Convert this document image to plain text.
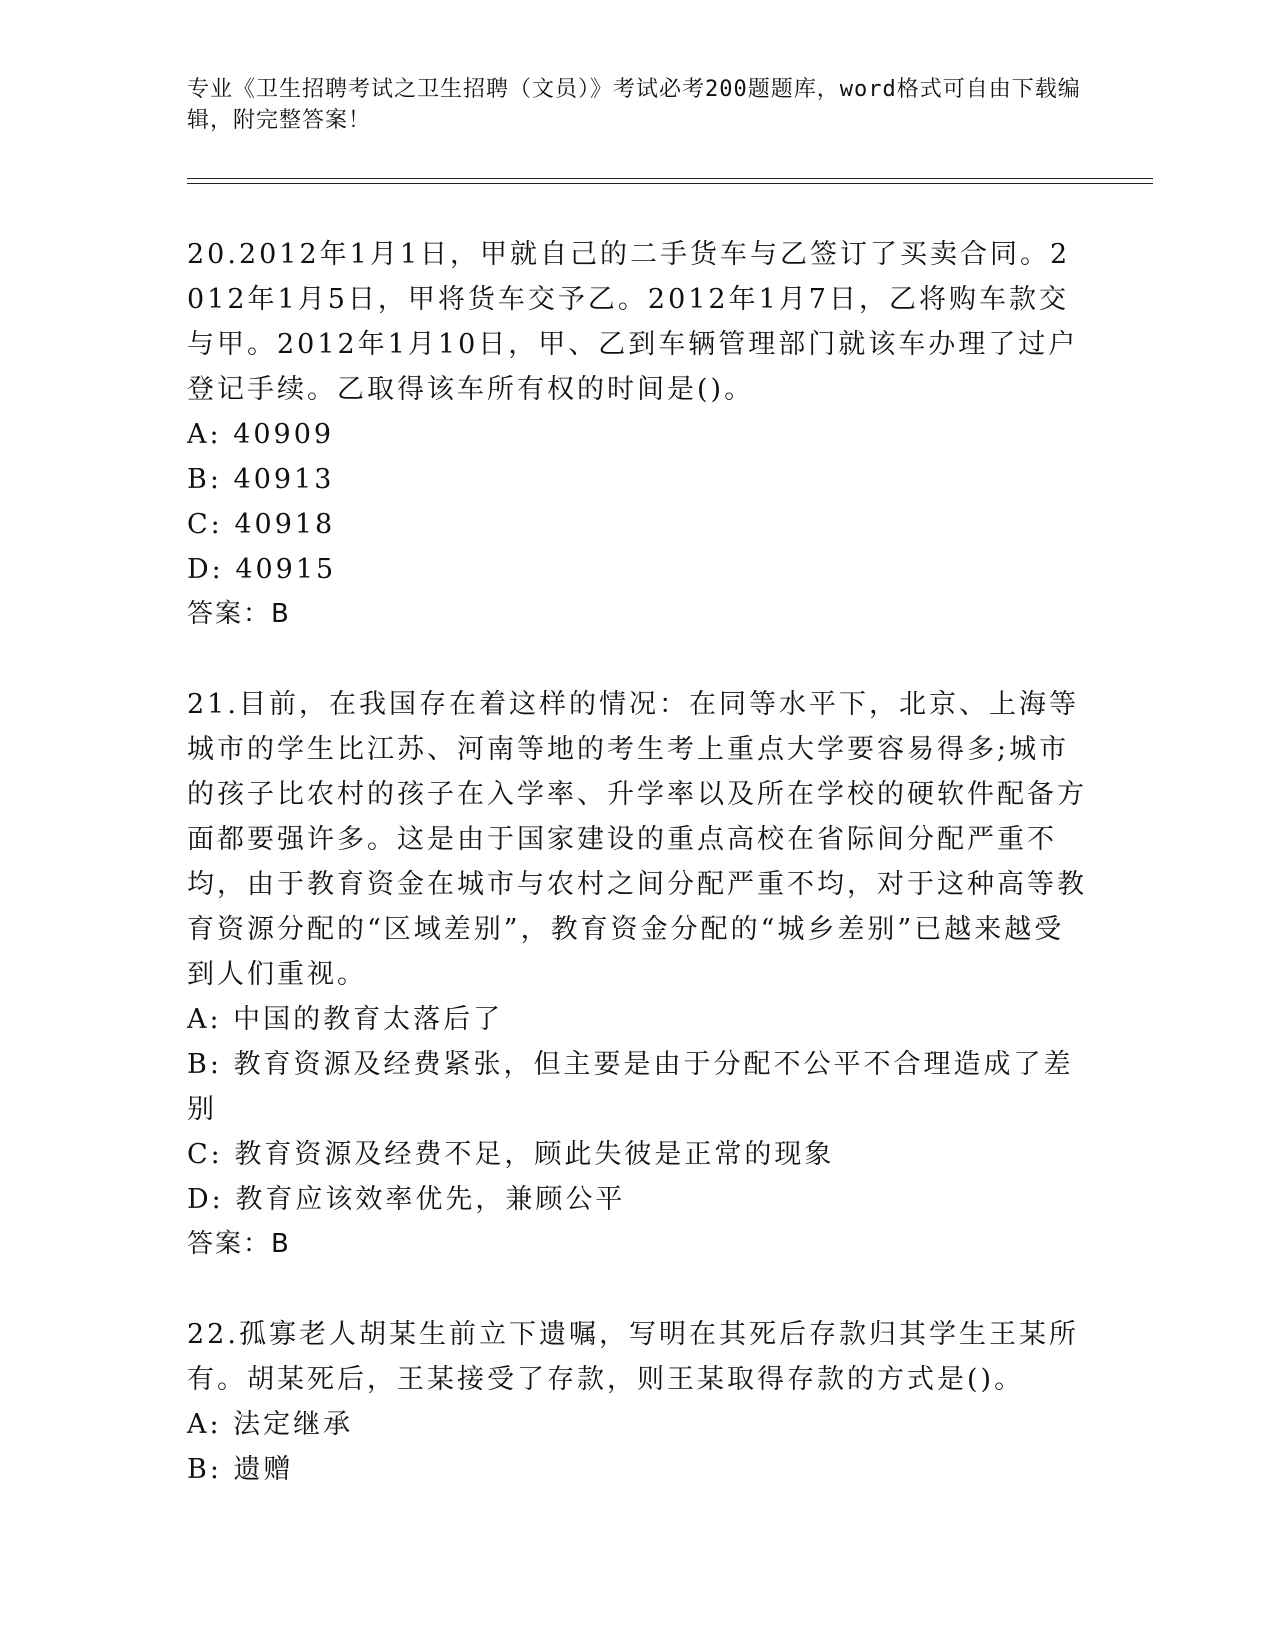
专业《卫生招聘考试之卫生招聘（文员）》考试必考200题题库，word格式可自由下载编辑，附完整答案！

20.2012年1月1日，甲就自己的二手货车与乙签订了买卖合同。2012年1月5日，甲将货车交予乙。2012年1月7日，乙将购车款交与甲。2012年1月10日，甲、乙到车辆管理部门就该车办理了过户登记手续。乙取得该车所有权的时间是()。

A: 40909
B: 40913
C: 40918
D: 40915

答案：B

21.目前，在我国存在着这样的情况：在同等水平下，北京、上海等城市的学生比江苏、河南等地的考生考上重点大学要容易得多;城市的孩子比农村的孩子在入学率、升学率以及所在学校的硬软件配备方面都要强许多。这是由于国家建设的重点高校在省际间分配严重不均，由于教育资金在城市与农村之间分配严重不均，对于这种高等教育资源分配的“区域差别”，教育资金分配的“城乡差别”已越来越受到人们重视。

A: 中国的教育太落后了
B: 教育资源及经费紧张，但主要是由于分配不公平不合理造成了差别
C: 教育资源及经费不足，顾此失彼是正常的现象
D: 教育应该效率优先，兼顾公平

答案：B

22.孤寡老人胡某生前立下遗嘱，写明在其死后存款归其学生王某所有。胡某死后，王某接受了存款，则王某取得存款的方式是()。

A: 法定继承
B: 遗赠
